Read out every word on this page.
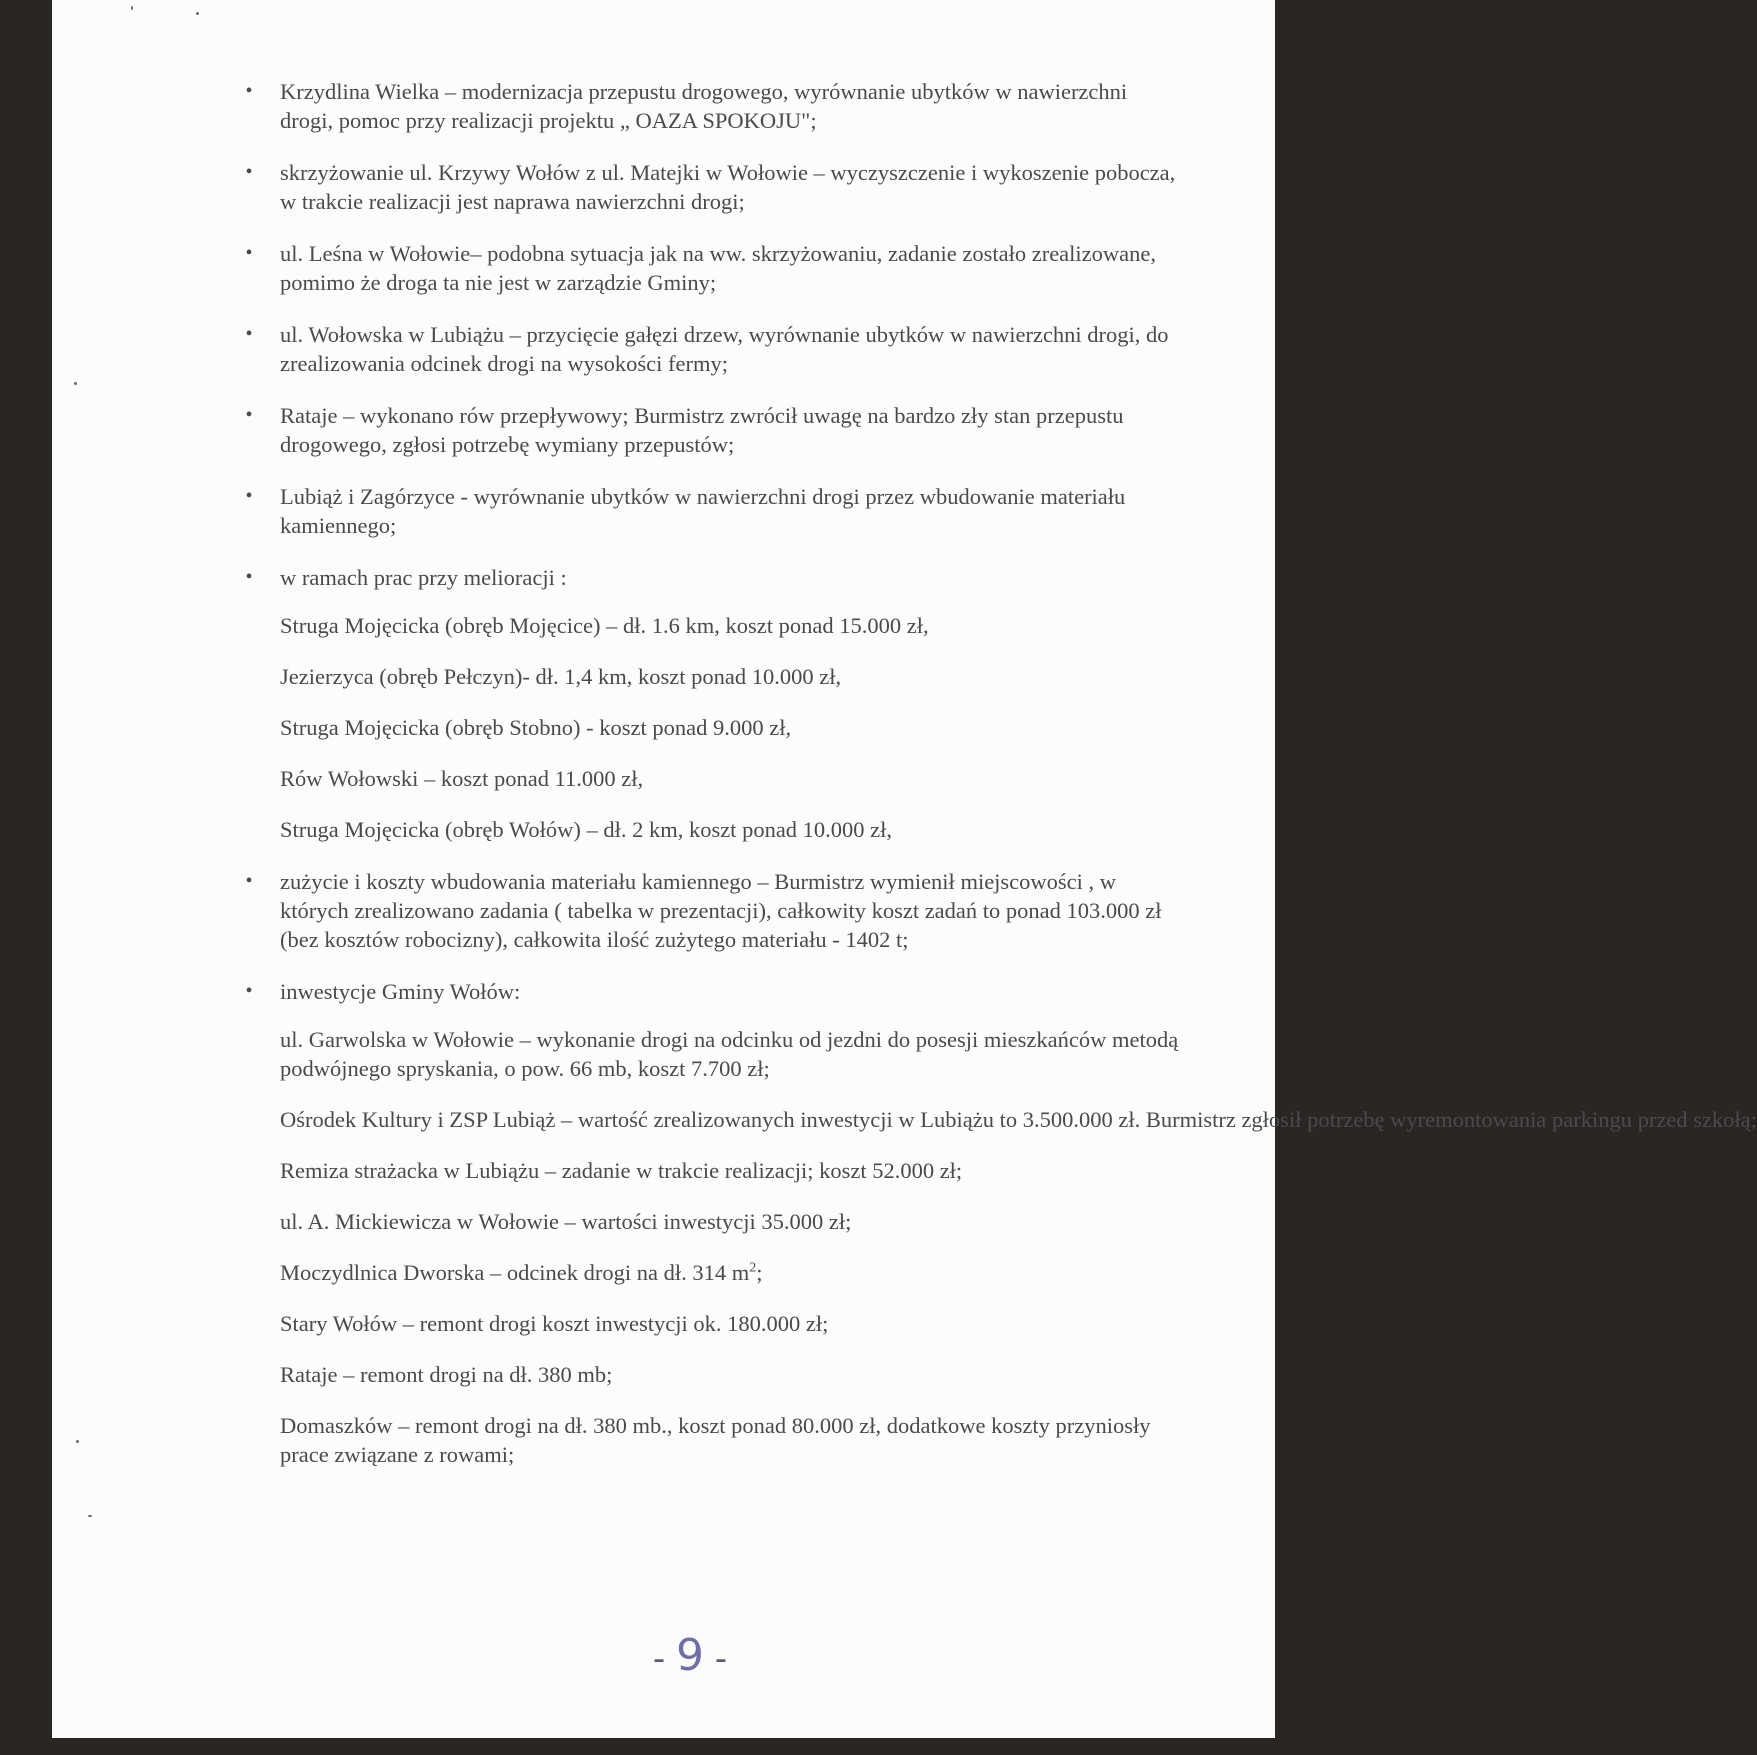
• Krzydlina Wielka – modernizacja przepustu drogowego, wyrównanie ubytków w nawierzchni drogi, pomoc przy realizacji projektu „ OAZA SPOKOJU";
• skrzyżowanie ul. Krzywy Wołów z ul. Matejki w Wołowie – wyczyszczenie i wykoszenie pobocza, w trakcie realizacji jest naprawa nawierzchni drogi;
• ul. Leśna w Wołowie– podobna sytuacja jak na ww. skrzyżowaniu, zadanie zostało zrealizowane, pomimo że droga ta nie jest w zarządzie Gminy;
• ul. Wołowska w Lubiążu – przycięcie gałęzi drzew, wyrównanie ubytków w nawierzchni drogi, do zrealizowania odcinek drogi na wysokości fermy;
• Rataje – wykonano rów przepływowy; Burmistrz zwrócił uwagę na bardzo zły stan przepustu drogowego, zgłosi potrzebę wymiany przepustów;
• Lubiąż i Zagórzyce - wyrównanie ubytków w nawierzchni drogi przez wbudowanie materiału kamiennego;
• w ramach prac przy melioracji :
Struga Mojęcicka (obręb Mojęcice) – dł. 1.6 km, koszt ponad 15.000 zł,
Jezierzyca (obręb Pełczyn)- dł. 1,4 km, koszt ponad 10.000 zł,
Struga Mojęcicka (obręb Stobno) - koszt ponad 9.000 zł,
Rów Wołowski – koszt ponad 11.000 zł,
Struga Mojęcicka (obręb Wołów) – dł. 2 km, koszt ponad 10.000 zł,
• zużycie i koszty wbudowania materiału kamiennego – Burmistrz wymienił miejscowości , w których zrealizowano zadania ( tabelka w prezentacji), całkowity koszt zadań to ponad 103.000 zł (bez kosztów robocizny), całkowita ilość zużytego materiału - 1402 t;
• inwestycje Gminy Wołów:
ul. Garwolska w Wołowie – wykonanie drogi na odcinku od jezdni do posesji mieszkańców metodą podwójnego spryskania, o pow. 66 mb, koszt 7.700 zł;
Ośrodek Kultury i ZSP Lubiąż – wartość zrealizowanych inwestycji w Lubiążu to 3.500.000 zł. Burmistrz zgłosił potrzebę wyremontowania parkingu przed szkołą;
Remiza strażacka w Lubiążu – zadanie w trakcie realizacji; koszt 52.000 zł;
ul. A. Mickiewicza w Wołowie – wartości inwestycji 35.000 zł;
Moczydlnica Dworska – odcinek drogi na dł. 314 $m^2$;
Stary Wołów – remont drogi koszt inwestycji ok. 180.000 zł;
Rataje – remont drogi na dł. 380 mb;
Domaszków – remont drogi na dł. 380 mb., koszt ponad 80.000 zł, dodatkowe koszty przyniosły prace związane z rowami;
- 9 -
